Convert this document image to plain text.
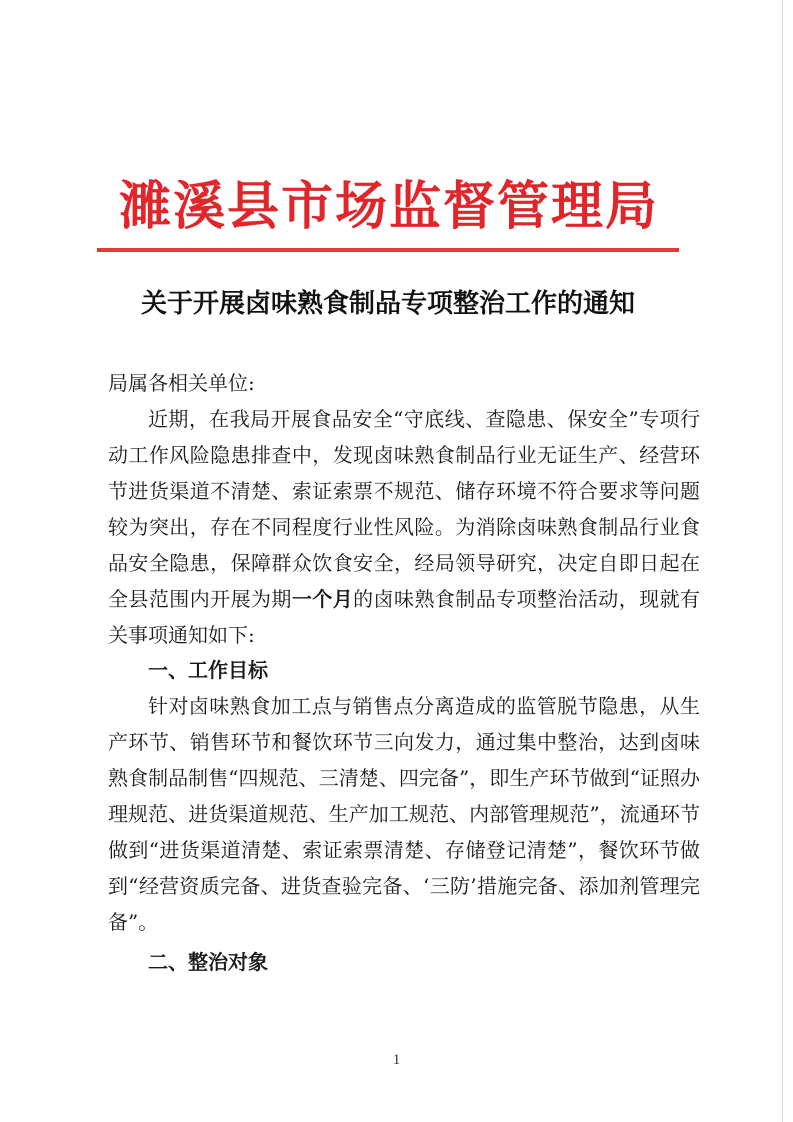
濉溪县市场监督管理局
关于开展卤味熟食制品专项整治工作的通知
局属各相关单位:

近期，在我局开展食品安全“守底线、查隐患、保安全”专项行动工作风险隐患排查中，发现卤味熟食制品行业无证生产、经营环节进货渠道不清楚、索证索票不规范、储存环境不符合要求等问题较为突出，存在不同程度行业性风险。为消除卤味熟食制品行业食品安全隐患，保障群众饮食安全，经局领导研究，决定自即日起在全县范围内开展为期一个月的卤味熟食制品专项整治活动，现就有关事项通知如下:

一、工作目标

针对卤味熟食加工点与销售点分离造成的监管脱节隐患，从生产环节、销售环节和餐饮环节三向发力，通过集中整治，达到卤味熟食制品制售“四规范、三清楚、四完备”，即生产环节做到“证照办理规范、进货渠道规范、生产加工规范、内部管理规范”，流通环节做到“进货渠道清楚、索证索票清楚、存储登记清楚”，餐饮环节做到“经营资质完备、进货查验完备、‘三防’措施完备、添加剂管理完备”。

二、整治对象
1
